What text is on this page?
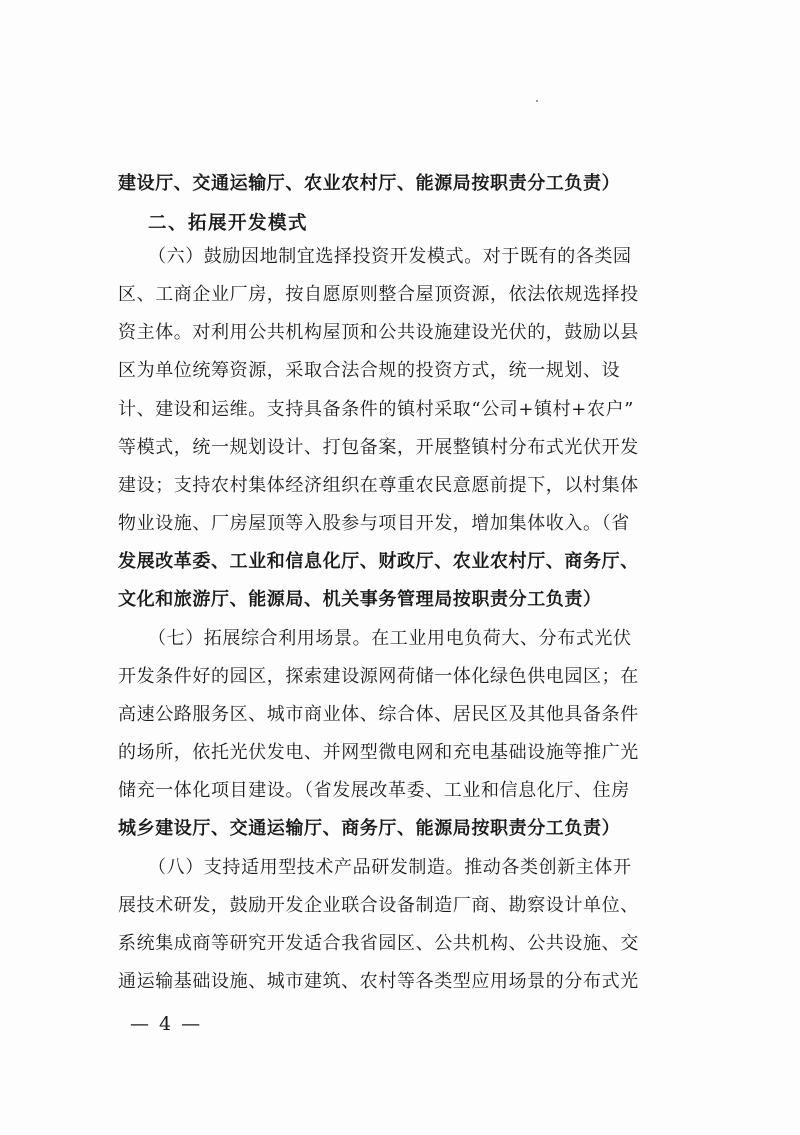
建设厅、交通运输厅、农业农村厅、能源局按职责分工负责）
二、拓展开发模式
（六）鼓励因地制宜选择投资开发模式。对于既有的各类园
区、工商企业厂房，按自愿原则整合屋顶资源，依法依规选择投
资主体。对利用公共机构屋顶和公共设施建设光伏的，鼓励以县
区为单位统筹资源，采取合法合规的投资方式，统一规划、设
计、建设和运维。支持具备条件的镇村采取“公司+镇村+农户”
等模式，统一规划设计、打包备案，开展整镇村分布式光伏开发
建设；支持农村集体经济组织在尊重农民意愿前提下，以村集体
物业设施、厂房屋顶等入股参与项目开发，增加集体收入。（省
发展改革委、工业和信息化厅、财政厅、农业农村厅、商务厅、
文化和旅游厅、能源局、机关事务管理局按职责分工负责）
（七）拓展综合利用场景。在工业用电负荷大、分布式光伏
开发条件好的园区，探索建设源网荷储一体化绿色供电园区；在
高速公路服务区、城市商业体、综合体、居民区及其他具备条件
的场所，依托光伏发电、并网型微电网和充电基础设施等推广光
储充一体化项目建设。（省发展改革委、工业和信息化厅、住房
城乡建设厅、交通运输厅、商务厅、能源局按职责分工负责）
（八）支持适用型技术产品研发制造。推动各类创新主体开
展技术研发，鼓励开发企业联合设备制造厂商、勘察设计单位、
系统集成商等研究开发适合我省园区、公共机构、公共设施、交
通运输基础设施、城市建筑、农村等各类型应用场景的分布式光
— 4 —
